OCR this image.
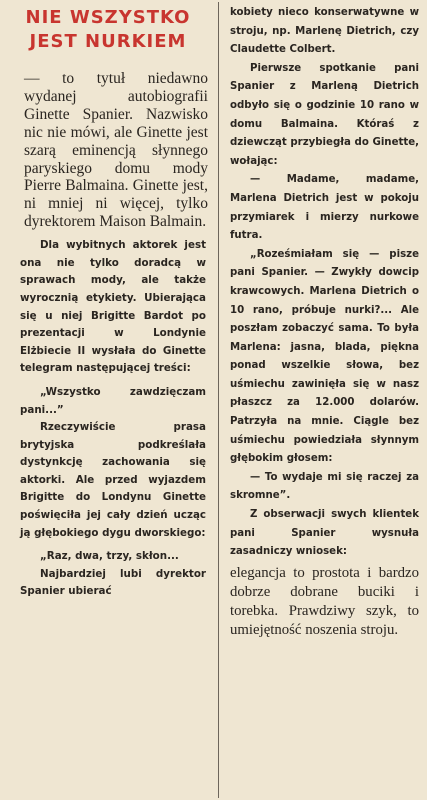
NIE WSZYSTKO
JEST NURKIEM

— to tytuł niedawno wydanej autobiografii Ginette Spanier. Nazwisko nic nie mówi, ale Ginette jest szarą eminencją słynnego paryskiego domu mody Pierre Balmaina. Ginette jest, ni mniej ni więcej, tylko dyrektorem Maison Balmain.

Dla wybitnych aktorek jest ona nie tylko doradcą w sprawach mody, ale także wyrocznią etykiety. Ubierająca się u niej Brigitte Bardot po prezentacji w Londynie Elżbiecie II wysłała do Ginette telegram następującej treści:

„Wszystko zawdzięczam pani...”

Rzeczywiście prasa brytyjska podkreślała dystynkcję zachowania się aktorki. Ale przed wyjazdem Brigitte do Londynu Ginette poświęciła jej cały dzień ucząc ją głębokiego dygu dworskiego:

„Raz, dwa, trzy, skłon...

Najbardziej lubi dyrektor Spanier ubierać

kobiety nieco konserwatywne w stroju, np. Marlenę Dietrich, czy Claudette Colbert.

Pierwsze spotkanie pani Spanier z Marleną Dietrich odbyło się o godzinie 10 rano w domu Balmaina. Któraś z dziewcząt przybiegła do Ginette, wołając:

— Madame, madame, Marlena Dietrich jest w pokoju przymiarek i mierzy nurkowe futra.

„Roześmiałam się — pisze pani Spanier. — Zwykły dowcip krawcowych. Marlena Dietrich o 10 rano, próbuje nurki?... Ale poszłam zobaczyć sama. To była Marlena: jasna, blada, piękna ponad wszelkie słowa, bez uśmiechu zawinięła się w nasz płaszcz za 12.000 dolarów. Patrzyła na mnie. Ciągle bez uśmiechu powiedziała słynnym głębokim głosem:

— To wydaje mi się raczej za skromne”.

Z obserwacji swych klientek pani Spanier wysnuła zasadniczy wniosek:

elegancja to prostota i bardzo dobrze dobrane buciki i torebka. Prawdziwy szyk, to umiejętność noszenia stroju.
